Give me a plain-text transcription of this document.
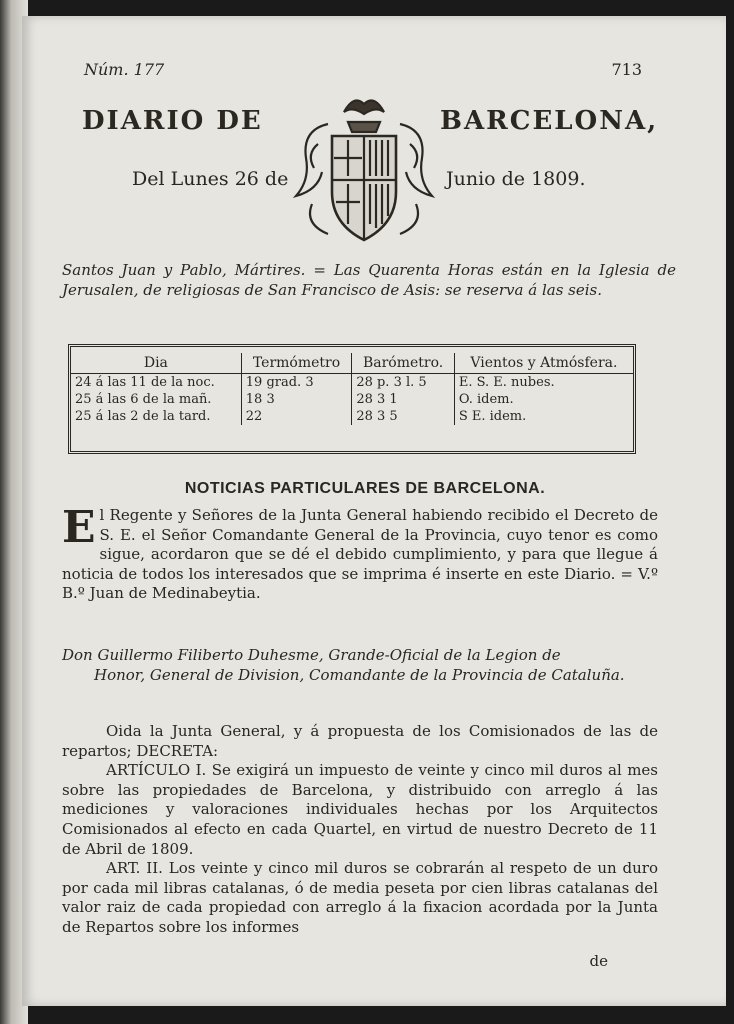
Núm. 177	713
DIARIO DE	BARCELONA,
Del Lunes 26 de	Junio de 1809.
Santos Juan y Pablo, Mártires. = Las Quarenta Horas están en la Iglesia de Jerusalen, de religiosas de San Francisco de Asis: se reserva á las seis.
Dia	Termómetro	Barómetro.	Vientos y Atmósfera.
24 á las 11 de la noc.	19 grad. 3	28 p. 3 l. 5	E. S. E. nubes.
25 á las 6 de la mañ.	18 3	28 3 1	O. idem.
25 á las 2 de la tard.	22	28 3 5	S E. idem.
NOTICIAS PARTICULARES DE BARCELONA.
El Regente y Señores de la Junta General habiendo recibido el Decreto de S. E. el Señor Comandante General de la Provincia, cuyo tenor es como sigue, acordaron que se dé el debido cumplimiento, y para que llegue á noticia de todos los interesados que se imprima é inserte en este Diario. = V.º B.º Juan de Medinabeytia.
Don Guillermo Filiberto Duhesme, Grande-Oficial de la Legion de
Honor, General de Division, Comandante de la Provincia de Cataluña.

Oida la Junta General, y á propuesta de los Comisionados de las de repartos; DECRETA:

ARTÍCULO I. Se exigirá un impuesto de veinte y cinco mil duros al mes sobre las propiedades de Barcelona, y distribuido con arreglo á las mediciones y valoraciones individuales hechas por los Arquitectos Comisionados al efecto en cada Quartel, en virtud de nuestro Decreto de 11 de Abril de 1809.

ART. II. Los veinte y cinco mil duros se cobrarán al respeto de un duro por cada mil libras catalanas, ó de media peseta por cien libras catalanas del valor raiz de cada propiedad con arreglo á la fixacion acordada por la Junta de Repartos sobre los informes

de
